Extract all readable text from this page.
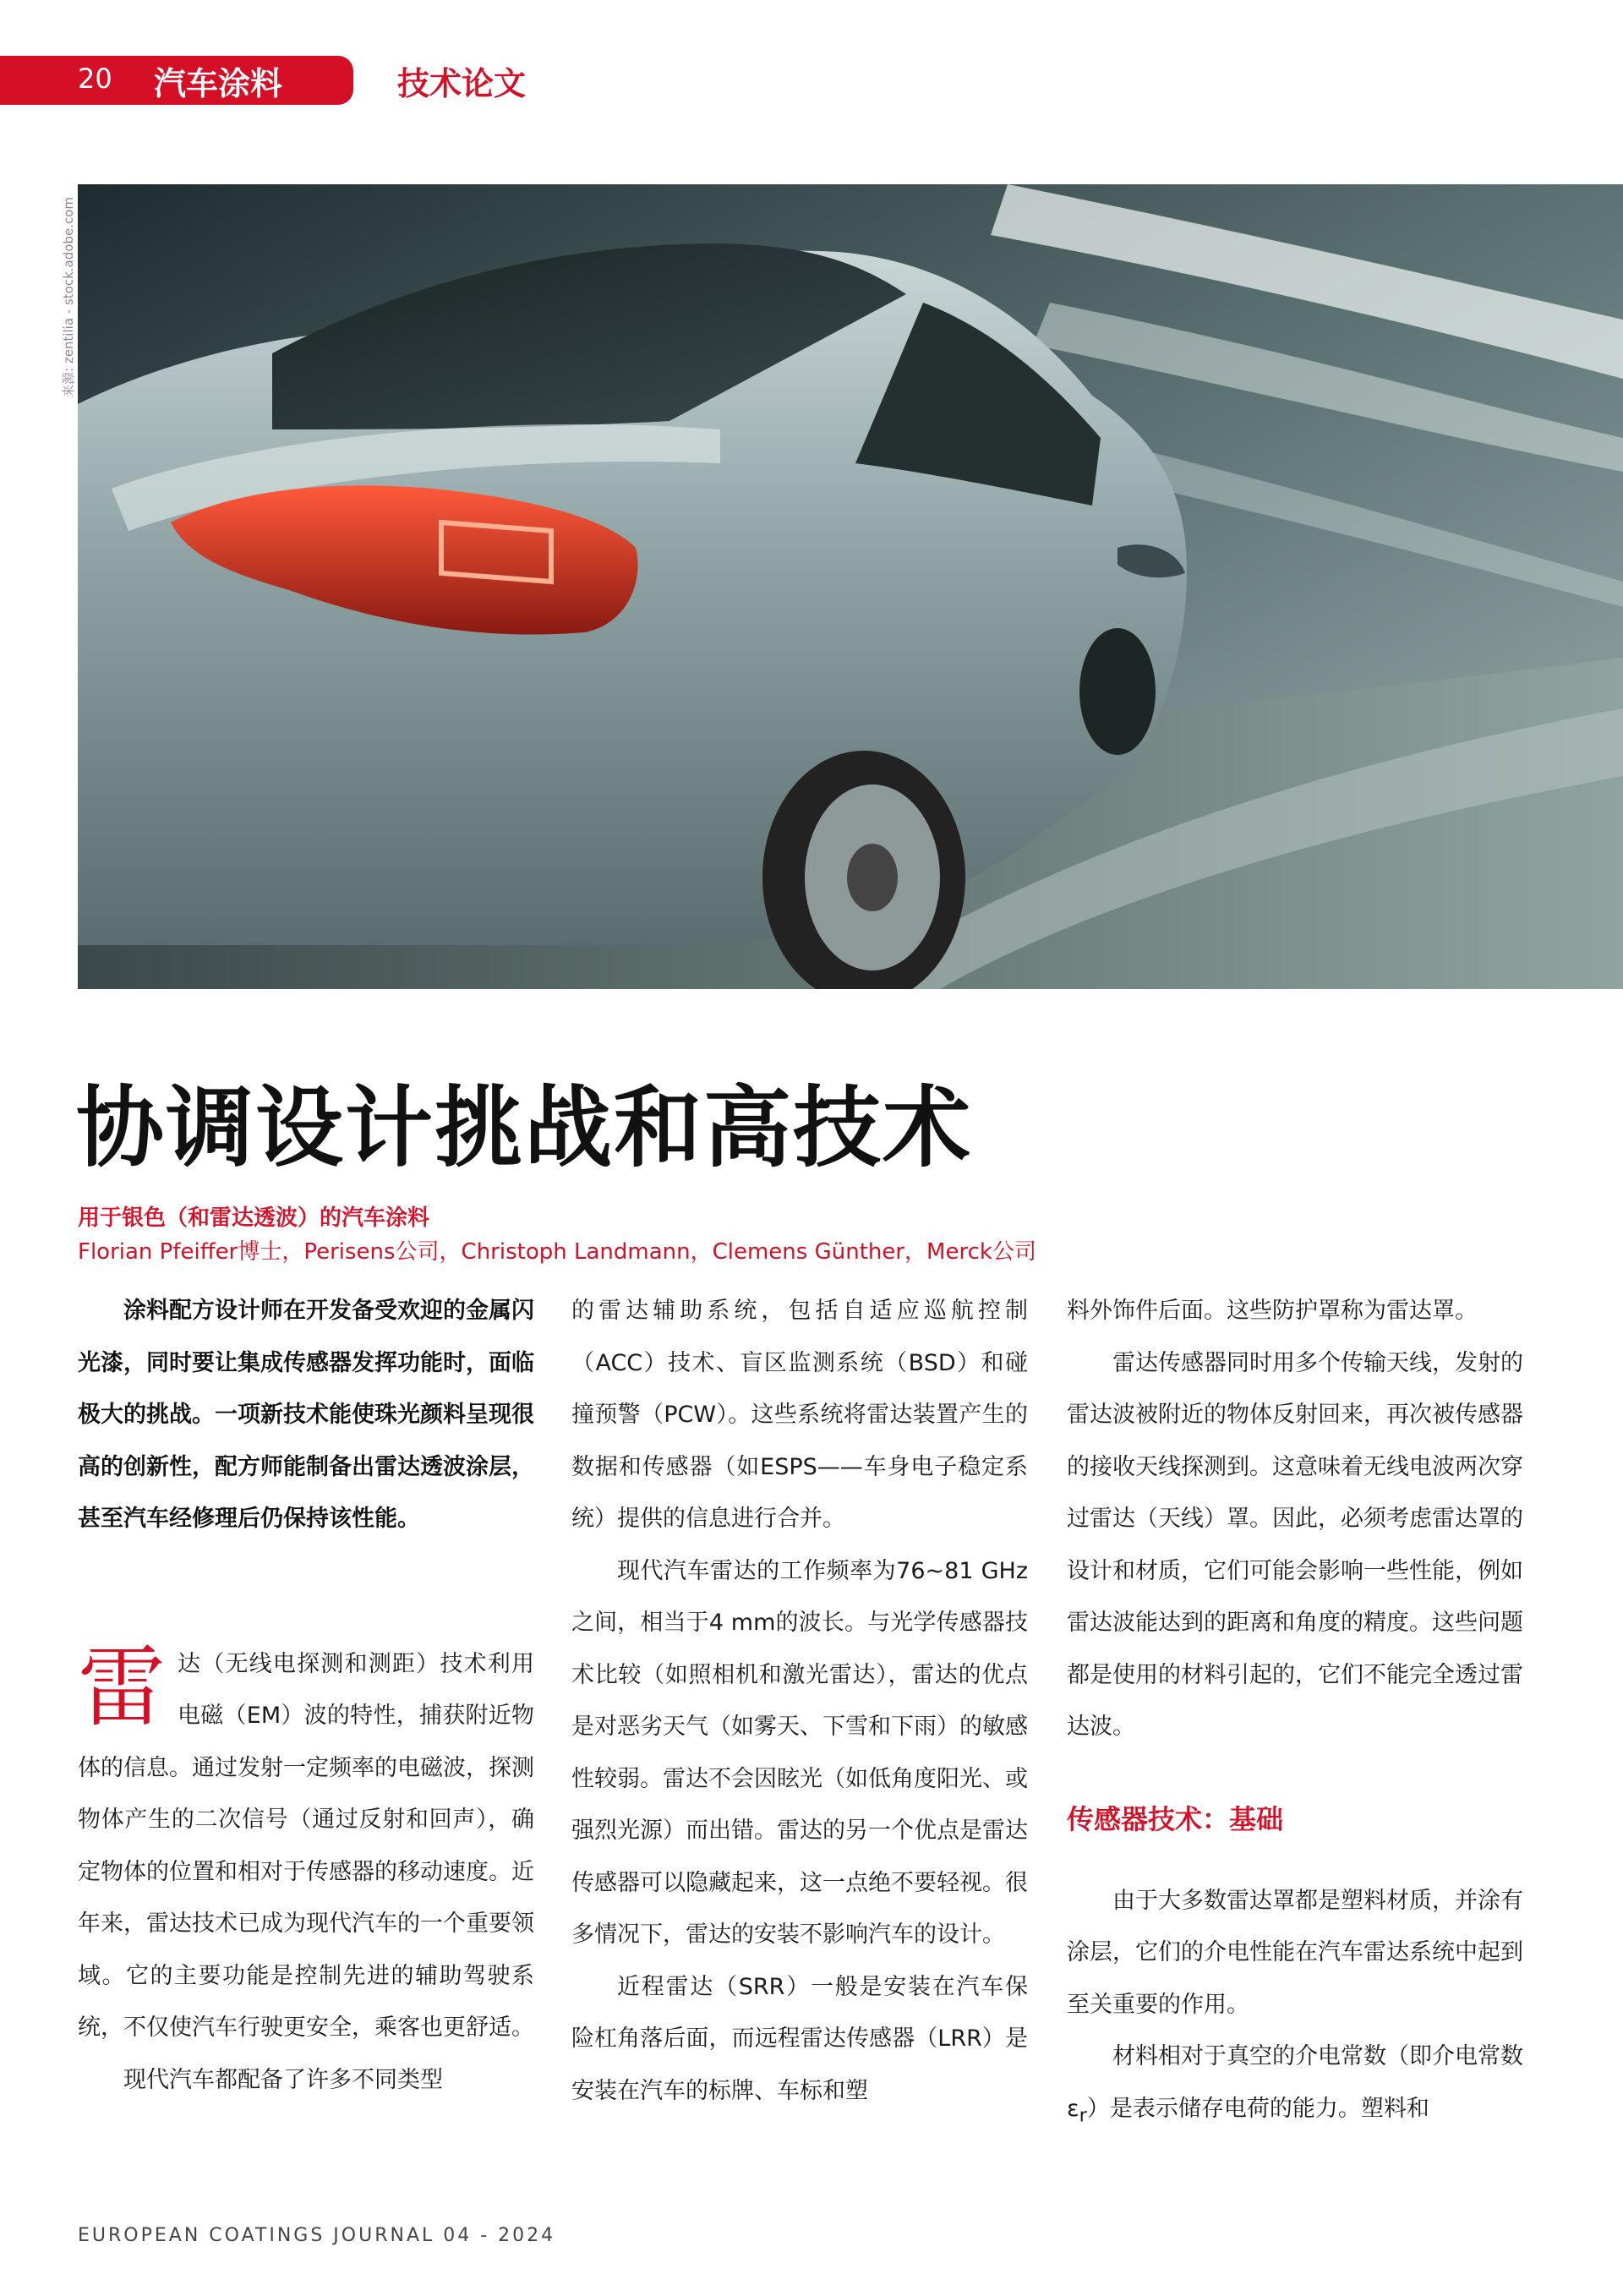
20 汽车涂料	技术论文
来源: zentilia - stock.adobe.com
协调设计挑战和高技术
用于银色（和雷达透波）的汽车涂料
Florian Pfeiffer博士，Perisens公司，Christoph Landmann，Clemens Günther，Merck公司

涂料配方设计师在开发备受欢迎的金属闪光漆，同时要让集成传感器发挥功能时，面临极大的挑战。一项新技术能使珠光颜料呈现很高的创新性，配方师能制备出雷达透波涂层，甚至汽车经修理后仍保持该性能。

雷达（无线电探测和测距）技术利用电磁（EM）波的特性，捕获附近物体的信息。通过发射一定频率的电磁波，探测物体产生的二次信号（通过反射和回声），确定物体的位置和相对于传感器的移动速度。近年来，雷达技术已成为现代汽车的一个重要领域。它的主要功能是控制先进的辅助驾驶系统，不仅使汽车行驶更安全，乘客也更舒适。

现代汽车都配备了许多不同类型

的雷达辅助系统，包括自适应巡航控制（ACC）技术、盲区监测系统（BSD）和碰撞预警（PCW）。这些系统将雷达装置产生的数据和传感器（如ESPS——车身电子稳定系统）提供的信息进行合并。

现代汽车雷达的工作频率为76~81 GHz之间，相当于4 mm的波长。与光学传感器技术比较（如照相机和激光雷达），雷达的优点是对恶劣天气（如雾天、下雪和下雨）的敏感性较弱。雷达不会因眩光（如低角度阳光、或强烈光源）而出错。雷达的另一个优点是雷达传感器可以隐藏起来，这一点绝不要轻视。很多情况下，雷达的安装不影响汽车的设计。

近程雷达（SRR）一般是安装在汽车保险杠角落后面，而远程雷达传感器（LRR）是安装在汽车的标牌、车标和塑

料外饰件后面。这些防护罩称为雷达罩。

雷达传感器同时用多个传输天线，发射的雷达波被附近的物体反射回来，再次被传感器的接收天线探测到。这意味着无线电波两次穿过雷达（天线）罩。因此，必须考虑雷达罩的设计和材质，它们可能会影响一些性能，例如雷达波能达到的距离和角度的精度。这些问题都是使用的材料引起的，它们不能完全透过雷达波。

传感器技术：基础

由于大多数雷达罩都是塑料材质，并涂有涂层，它们的介电性能在汽车雷达系统中起到至关重要的作用。

材料相对于真空的介电常数（即介电常数 $\varepsilon_r$）是表示储存电荷的能力。塑料和

EUROPEAN COATINGS JOURNAL 04 - 2024
